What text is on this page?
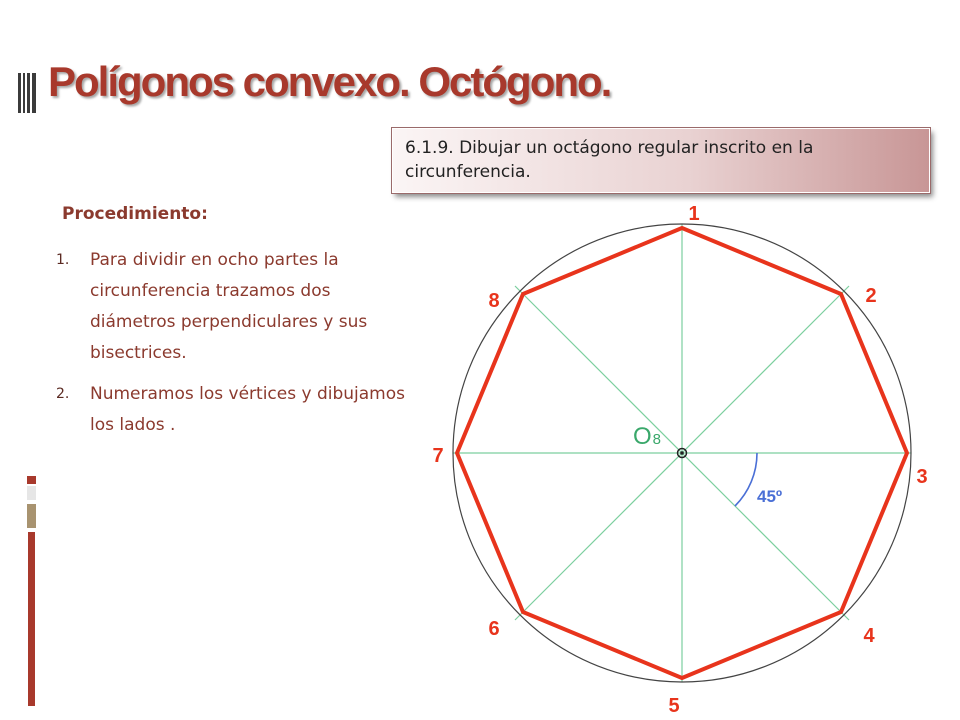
Polígonos convexo. Octógono.
6.1.9. Dibujar un octágono regular inscrito en la circunferencia.
Procedimiento:
1. Para dividir en ocho partes la circunferencia trazamos dos diámetros perpendiculares y sus bisectrices.
2. Numeramos los vértices y dibujamos los lados .	O8
45º
1
2
3
4
5
6
7
8
